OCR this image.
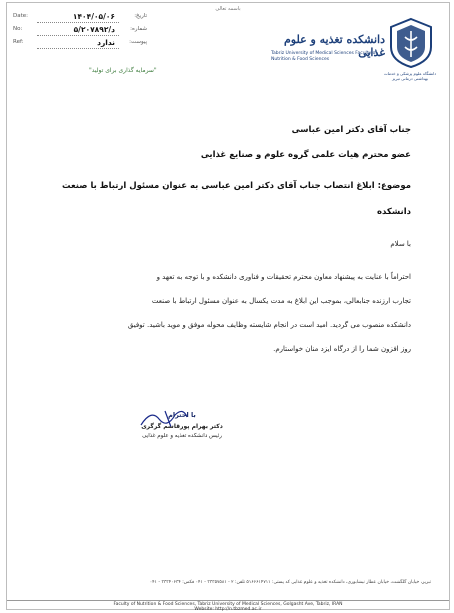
باسمه تعالی
تاریخ:
۱۴۰۴/۰۵/۰۶
Date:
شماره:
۵/د/۲۰۷۸۹۲
No:
پیوست:
ندارد
Ref:
"سرمایه گذاری برای تولید"
دانشکده تغذیه و علوم غذایی
Tabriz University of Medical Sciences Faculty of Nutrition & Food Sciences
دانشگاه علوم پزشکی و خدمات بهداشتی درمانی تبریز
جناب آقای دکتر امین عباسی
عضو محترم هیات علمی گروه علوم و صنایع غذایی
موضوع: ابلاغ انتصاب جناب آقای دکتر امین عباسی به عنوان مسئول ارتباط با صنعت
دانشکده
با سلام
احتراماً با عنایت به پیشنهاد معاون محترم تحقیقات و فناوری دانشکده و با توجه به تعهد و
تجارب ارزنده جنابعالی، بموجب این ابلاغ به مدت یکسال به عنوان مسئول ارتباط با صنعت
دانشکده منصوب می گردید. امید است در انجام شایسته وظایف محوله موفق و موید باشید. توفیق
روز افزون شما را از درگاه ایزد منان خواستارم.
با احترام
دکتر بهرام پورقاسم گرگری
رئیس دانشکده تغذیه و علوم غذایی
تبریز، خیابان گلگشت، خیابان عطار نیشابوری، دانشکده تغذیه و علوم غذایی کد پستی: ۵۱۶۶۶۱۴۷۱۱ تلفن: ۲ - ۳۳۳۵۷۵۸۱ - ۰۴۱ فکس: ۳۳۳۴۰۶۳۴ - ۰۴۱
Faculty of Nutrition & Food Sciences, Tabriz University of Medical Sciences, Golgasht Ave, Tabriz, IRAN
Website: http://n.tbzmed.ac.ir
